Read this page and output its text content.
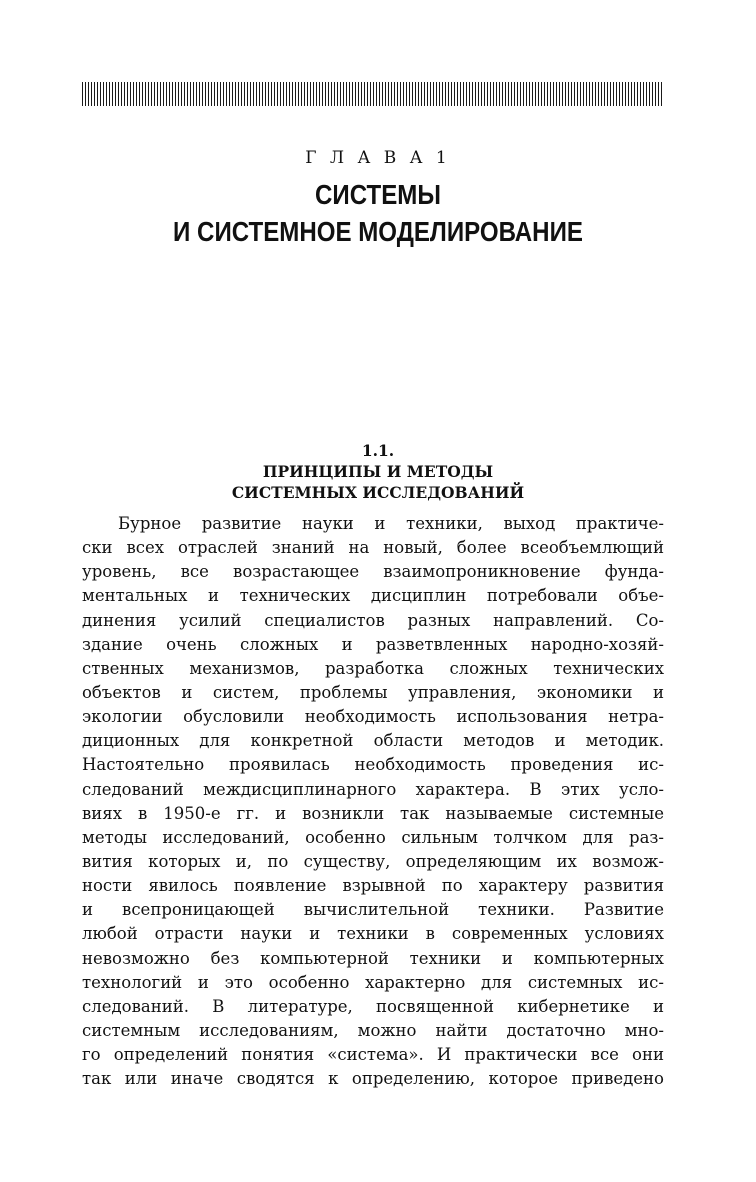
Г Л А В А 1
СИСТЕМЫ
И СИСТЕМНОЕ МОДЕЛИРОВАНИЕ
1.1.
ПРИНЦИПЫ И МЕТОДЫ
СИСТЕМНЫХ ИССЛЕДОВАНИЙ
Бурное развитие науки и техники, выход практиче-
ски всех отраслей знаний на новый, более всеобъемлющий
уровень, все возрастающее взаимопроникновение фунда-
ментальных и технических дисциплин потребовали объе-
динения усилий специалистов разных направлений. Со-
здание очень сложных и разветвленных народно-хозяй-
ственных механизмов, разработка сложных технических
объектов и систем, проблемы управления, экономики и
экологии обусловили необходимость использования нетра-
диционных для конкретной области методов и методик.
Настоятельно проявилась необходимость проведения ис-
следований междисциплинарного характера. В этих усло-
виях в 1950-е гг. и возникли так называемые системные
методы исследований, особенно сильным толчком для раз-
вития которых и, по существу, определяющим их возмож-
ности явилось появление взрывной по характеру развития
и всепроницающей вычислительной техники. Развитие
любой отрасти науки и техники в современных условиях
невозможно без компьютерной техники и компьютерных
технологий и это особенно характерно для системных ис-
следований. В литературе, посвященной кибернетике и
системным исследованиям, можно найти достаточно мно-
го определений понятия «система». И практически все они
так или иначе сводятся к определению, которое приведено
